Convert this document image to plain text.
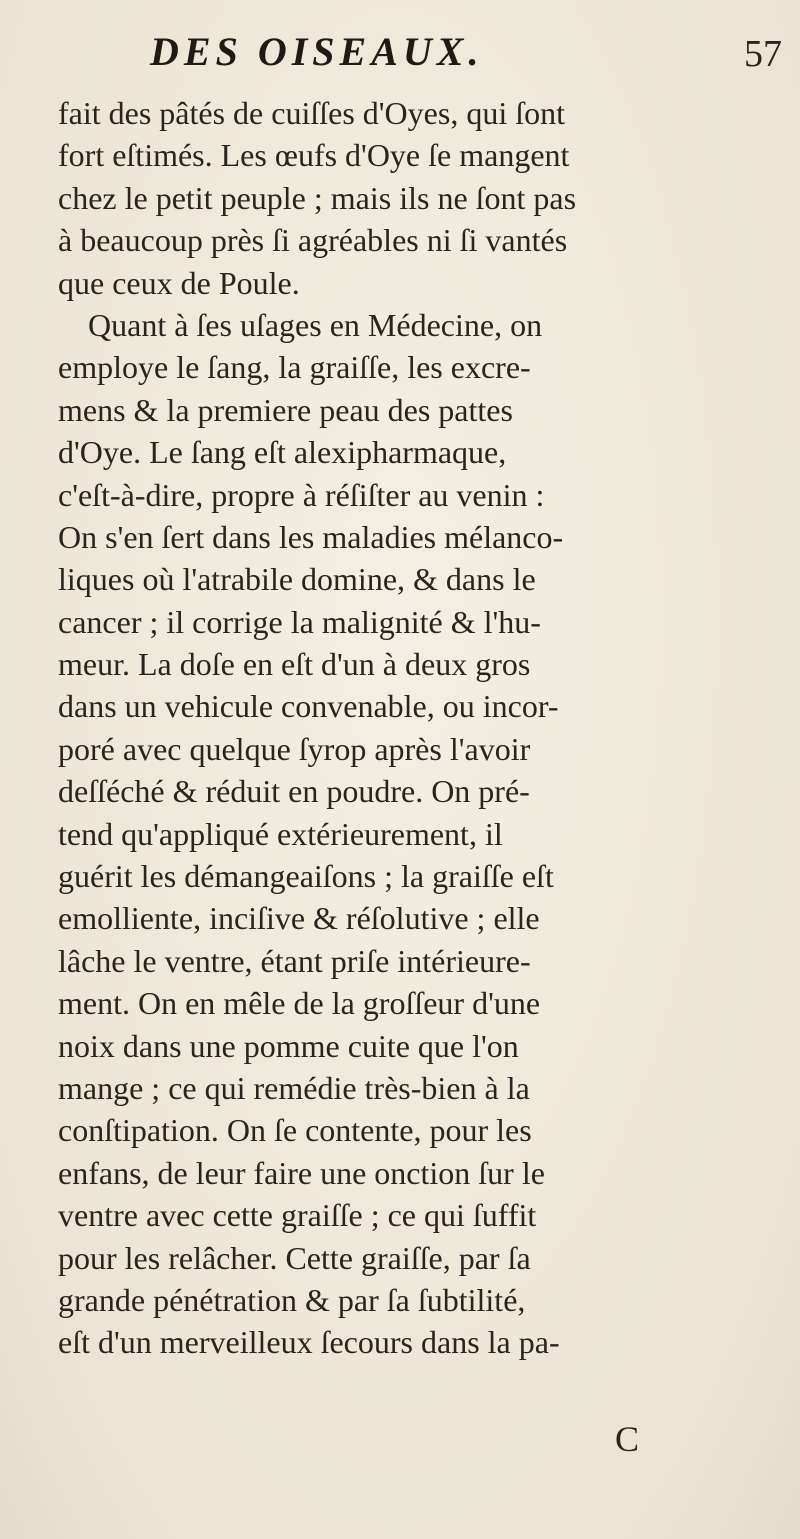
DES OISEAUX.	57
fait des pâtés de cuiſſes d'Oyes, qui ſont
fort eſtimés. Les œufs d'Oye ſe mangent
chez le petit peuple ; mais ils ne ſont pas
à beaucoup près ſi agréables ni ſi vantés
que ceux de Poule.
Quant à ſes uſages en Médecine, on
employe le ſang, la graiſſe, les excre-
mens & la premiere peau des pattes
d'Oye. Le ſang eſt alexipharmaque,
c'eſt-à-dire, propre à réſiſter au venin :
On s'en ſert dans les maladies mélanco-
liques où l'atrabile domine, & dans le
cancer ; il corrige la malignité & l'hu-
meur. La doſe en eſt d'un à deux gros
dans un vehicule convenable, ou incor-
poré avec quelque ſyrop après l'avoir
deſſéché & réduit en poudre. On pré-
tend qu'appliqué extérieurement, il
guérit les démangeaiſons ; la graiſſe eſt
emolliente, inciſive & réſolutive ; elle
lâche le ventre, étant priſe intérieure-
ment. On en mêle de la groſſeur d'une
noix dans une pomme cuite que l'on
mange ; ce qui remédie très-bien à la
conſtipation. On ſe contente, pour les
enfans, de leur faire une onction ſur le
ventre avec cette graiſſe ; ce qui ſuffit
pour les relâcher. Cette graiſſe, par ſa
grande pénétration & par ſa ſubtilité,
eſt d'un merveilleux ſecours dans la pa-
C
